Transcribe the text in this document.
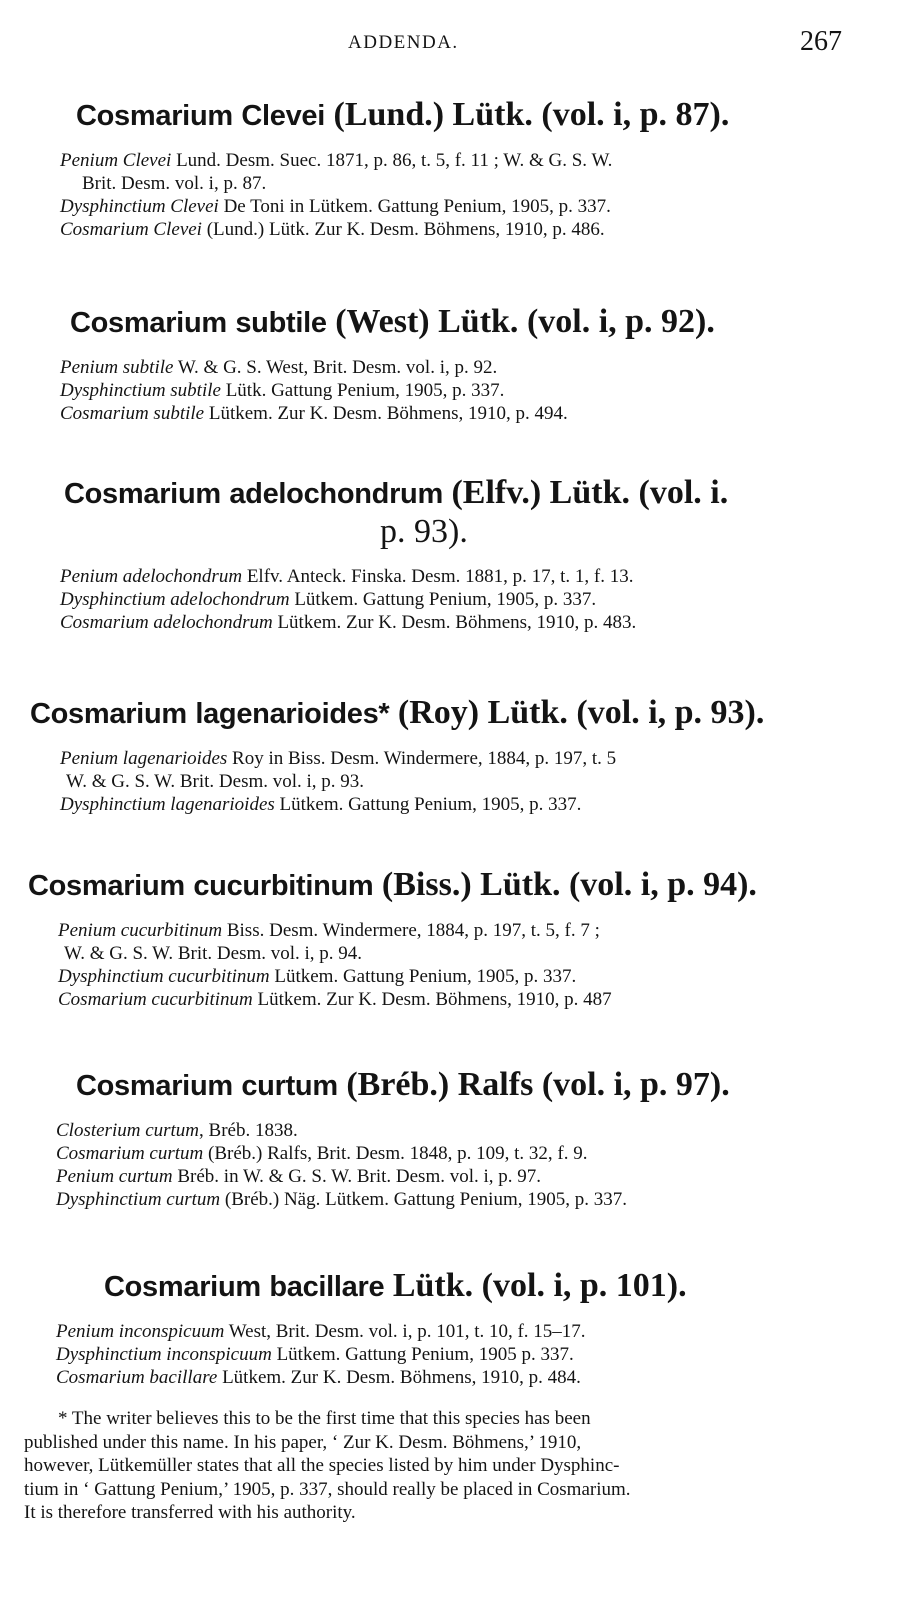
ADDENDA.	267
Cosmarium Clevei (Lund.) Lütk. (vol. i, p. 87).
Penium Clevei Lund. Desm. Suec. 1871, p. 86, t. 5, f. 11 ; W. & G. S. W.
Brit. Desm. vol. i, p. 87.
Dysphinctium Clevei De Toni in Lütkem. Gattung Penium, 1905, p. 337.
Cosmarium Clevei (Lund.) Lütk. Zur K. Desm. Böhmens, 1910, p. 486.
Cosmarium subtile (West) Lütk. (vol. i, p. 92).
Penium subtile W. & G. S. West, Brit. Desm. vol. i, p. 92.
Dysphinctium subtile Lütk. Gattung Penium, 1905, p. 337.
Cosmarium subtile Lütkem. Zur K. Desm. Böhmens, 1910, p. 494.
Cosmarium adelochondrum (Elfv.) Lütk. (vol. i.
p. 93).
Penium adelochondrum Elfv. Anteck. Finska. Desm. 1881, p. 17, t. 1, f. 13.
Dysphinctium adelochondrum Lütkem. Gattung Penium, 1905, p. 337.
Cosmarium adelochondrum Lütkem. Zur K. Desm. Böhmens, 1910, p. 483.
Cosmarium lagenarioides* (Roy) Lütk. (vol. i, p. 93).
Penium lagenarioides Roy in Biss. Desm. Windermere, 1884, p. 197, t. 5
W. & G. S. W. Brit. Desm. vol. i, p. 93.
Dysphinctium lagenarioides Lütkem. Gattung Penium, 1905, p. 337.
Cosmarium cucurbitinum (Biss.) Lütk. (vol. i, p. 94).
Penium cucurbitinum Biss. Desm. Windermere, 1884, p. 197, t. 5, f. 7 ;
W. & G. S. W. Brit. Desm. vol. i, p. 94.
Dysphinctium cucurbitinum Lütkem. Gattung Penium, 1905, p. 337.
Cosmarium cucurbitinum Lütkem. Zur K. Desm. Böhmens, 1910, p. 487
Cosmarium curtum (Bréb.) Ralfs (vol. i, p. 97).
Closterium curtum, Bréb. 1838.
Cosmarium curtum (Bréb.) Ralfs, Brit. Desm. 1848, p. 109, t. 32, f. 9.
Penium curtum Bréb. in W. & G. S. W. Brit. Desm. vol. i, p. 97.
Dysphinctium curtum (Bréb.) Näg. Lütkem. Gattung Penium, 1905, p. 337.
Cosmarium bacillare Lütk. (vol. i, p. 101).
Penium inconspicuum West, Brit. Desm. vol. i, p. 101, t. 10, f. 15–17.
Dysphinctium inconspicuum Lütkem. Gattung Penium, 1905 p. 337.
Cosmarium bacillare Lütkem. Zur K. Desm. Böhmens, 1910, p. 484.

* The writer believes this to be the first time that this species has been

published under this name. In his paper, ‘ Zur K. Desm. Böhmens,’ 1910,

however, Lütkemüller states that all the species listed by him under Dysphinc-

tium in ‘ Gattung Penium,’ 1905, p. 337, should really be placed in Cosmarium.

It is therefore transferred with his authority.
